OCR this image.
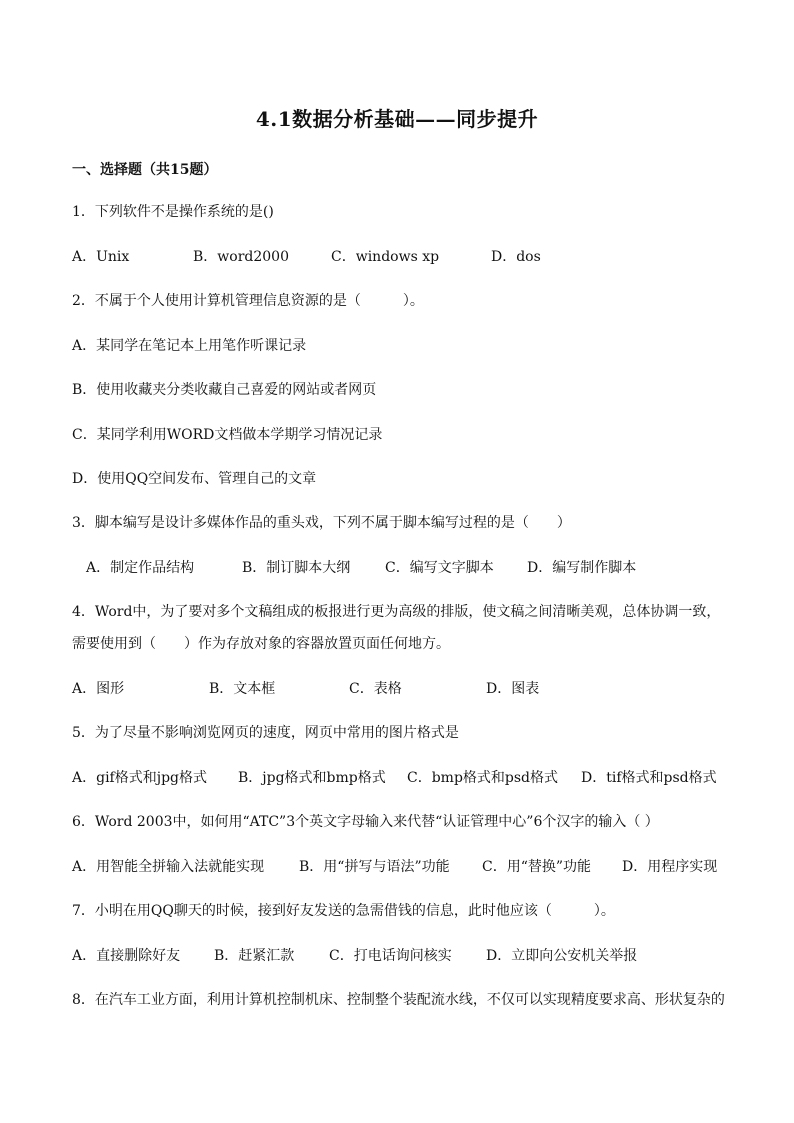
4.1数据分析基础——同步提升
一、选择题（共15题）
1．下列软件不是操作系统的是()
A．Unix	B．word2000	C．windows xp	D．dos
2．不属于个人使用计算机管理信息资源的是（　　　）。
A．某同学在笔记本上用笔作听课记录
B．使用收藏夹分类收藏自己喜爱的网站或者网页
C．某同学利用WORD文档做本学期学习情况记录
D．使用QQ空间发布、管理自己的文章
3．脚本编写是设计多媒体作品的重头戏，下列不属于脚本编写过程的是（　　）
A．制定作品结构	B．制订脚本大纲 C．编写文字脚本 D．编写制作脚本
4．Word中，为了要对多个文稿组成的板报进行更为高级的排版，使文稿之间清晰美观，总体协调一致，
需要使用到（　　）作为存放对象的容器放置页面任何地方。
A．图形	B．文本框	C．表格	D．图表
5．为了尽量不影响浏览网页的速度，网页中常用的图片格式是
A．gif格式和jpg格式 B．jpg格式和bmp格式 C．bmp格式和psd格式 D．tif格式和psd格式
6．Word 2003中，如何用“ATC”3个英文字母输入来代替“认证管理中心”6个汉字的输入（ ）
A．用智能全拼输入法就能实现 B．用“拼写与语法”功能 C．用“替换”功能 D．用程序实现
7．小明在用QQ聊天的时候，接到好友发送的急需借钱的信息，此时他应该（　　　）。
A．直接删除好友 B．赶紧汇款 C．打电话询问核实 D．立即向公安机关举报
8．在汽车工业方面，利用计算机控制机床、控制整个装配流水线，不仅可以实现精度要求高、形状复杂的
